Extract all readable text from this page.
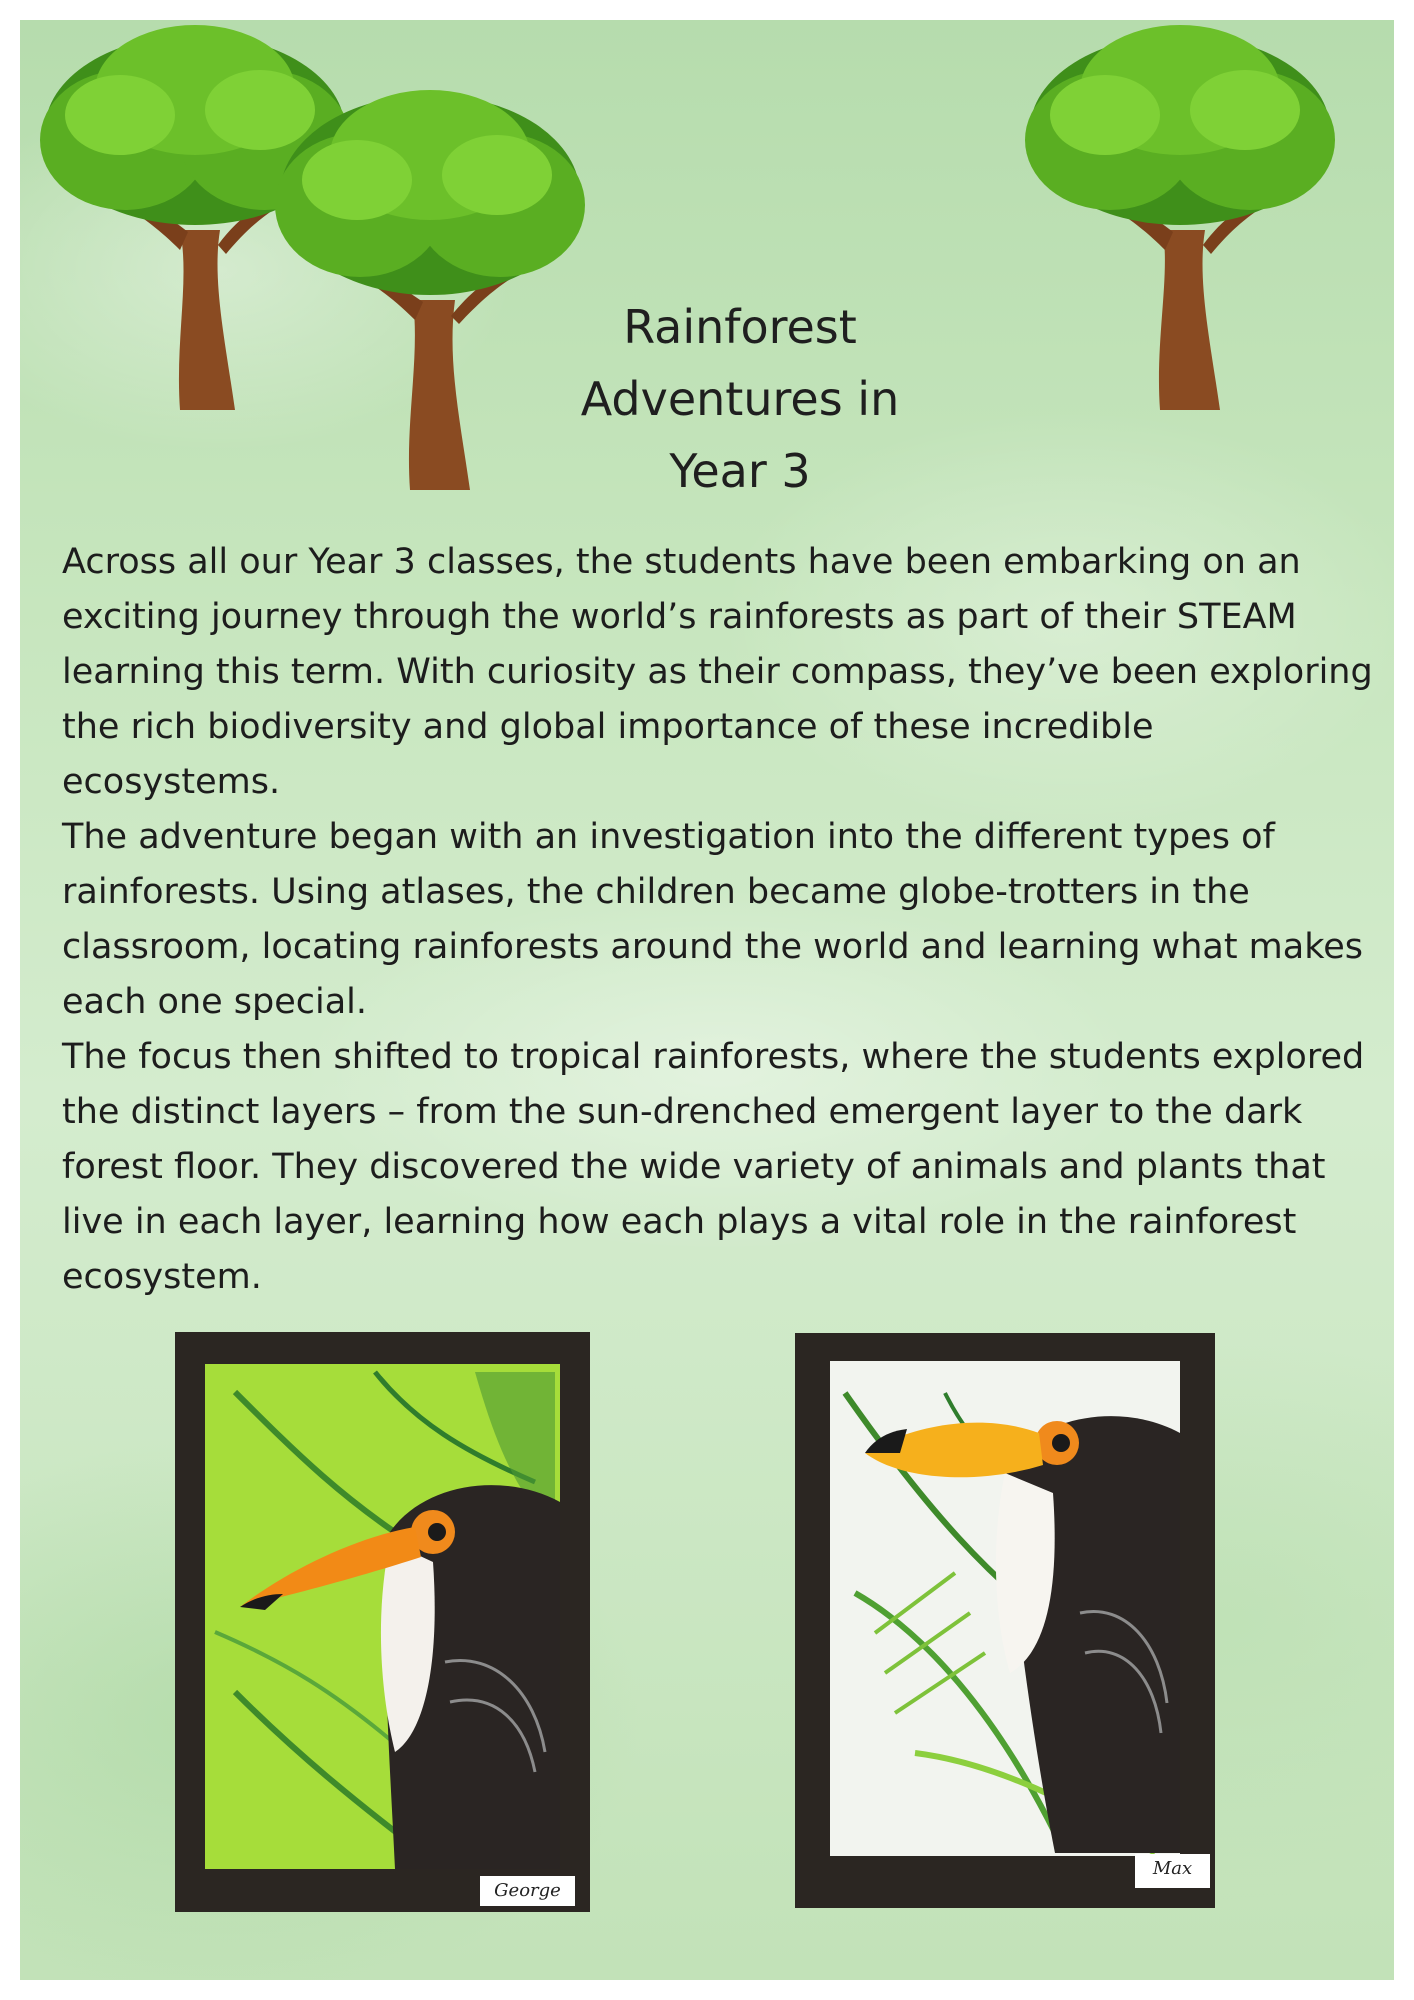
Rainforest Adventures in Year 3

Across all our Year 3 classes, the students have been embarking on an exciting journey through the world’s rainforests as part of their STEAM learning this term. With curiosity as their compass, they’ve been exploring the rich biodiversity and global importance of these incredible ecosystems.

The adventure began with an investigation into the different types of rainforests. Using atlases, the children became globe-trotters in the classroom, locating rainforests around the world and learning what makes each one special.

The focus then shifted to tropical rainforests, where the students explored the distinct layers – from the sun-drenched emergent layer to the dark forest floor. They discovered the wide variety of animals and plants that live in each layer, learning how each plays a vital role in the rainforest ecosystem.

George
Max
